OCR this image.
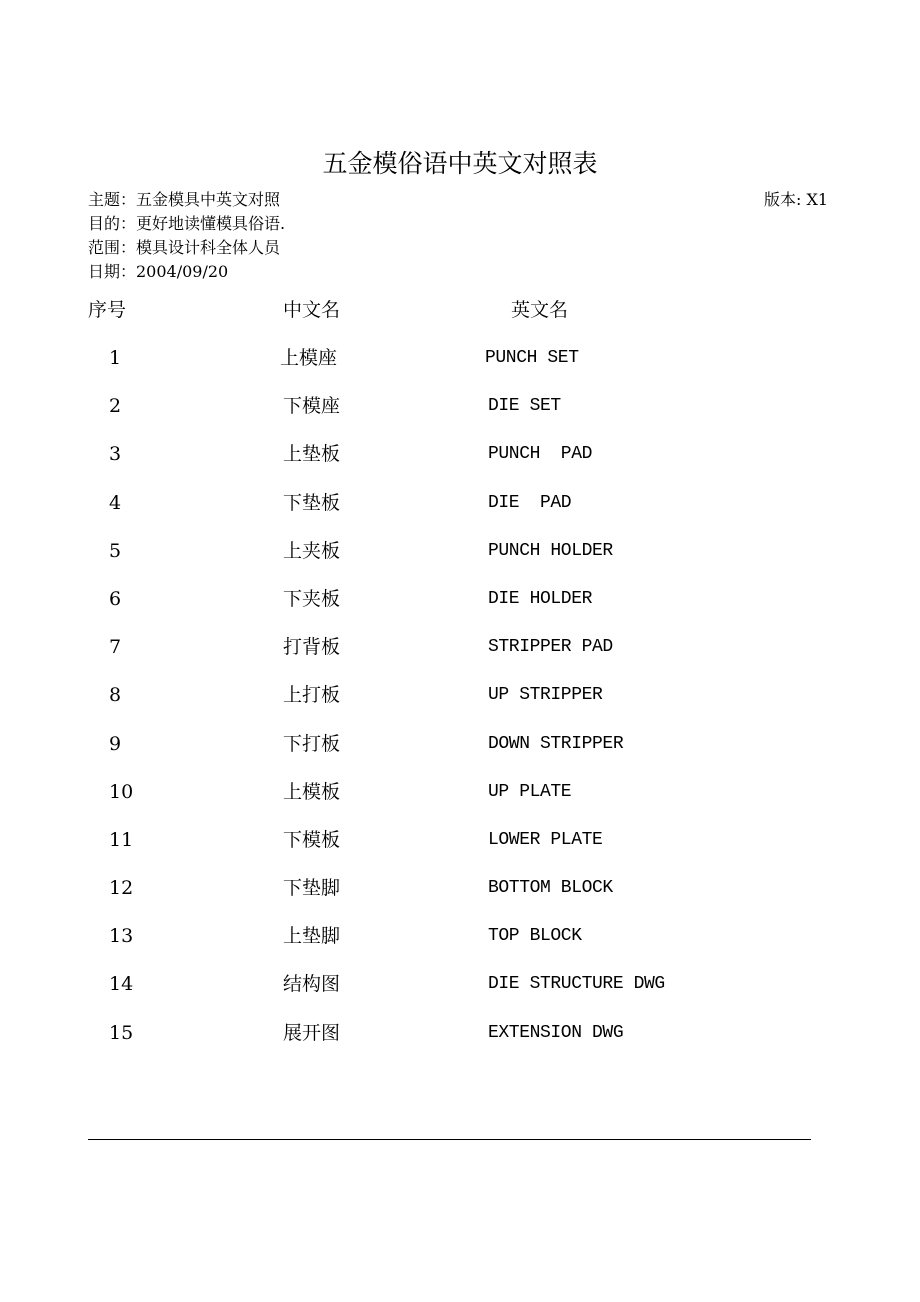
五金模俗语中英文对照表
主题：五金模具中英文对照
目的：更好地读懂模具俗语.
范围：模具设计科全体人员
日期：2004/09/20
版本: X1
序号	中文名	英文名
1	上模座	PUNCH SET
2	下模座	DIE SET
3	上垫板	PUNCH  PAD
4	下垫板	DIE  PAD
5	上夹板	PUNCH HOLDER
6	下夹板	DIE HOLDER
7	打背板	STRIPPER PAD
8	上打板	UP STRIPPER
9	下打板	DOWN STRIPPER
10	上模板	UP PLATE
11	下模板	LOWER PLATE
12	下垫脚	BOTTOM BLOCK
13	上垫脚	TOP BLOCK
14	结构图	DIE STRUCTURE DWG
15	展开图	EXTENSION DWG
